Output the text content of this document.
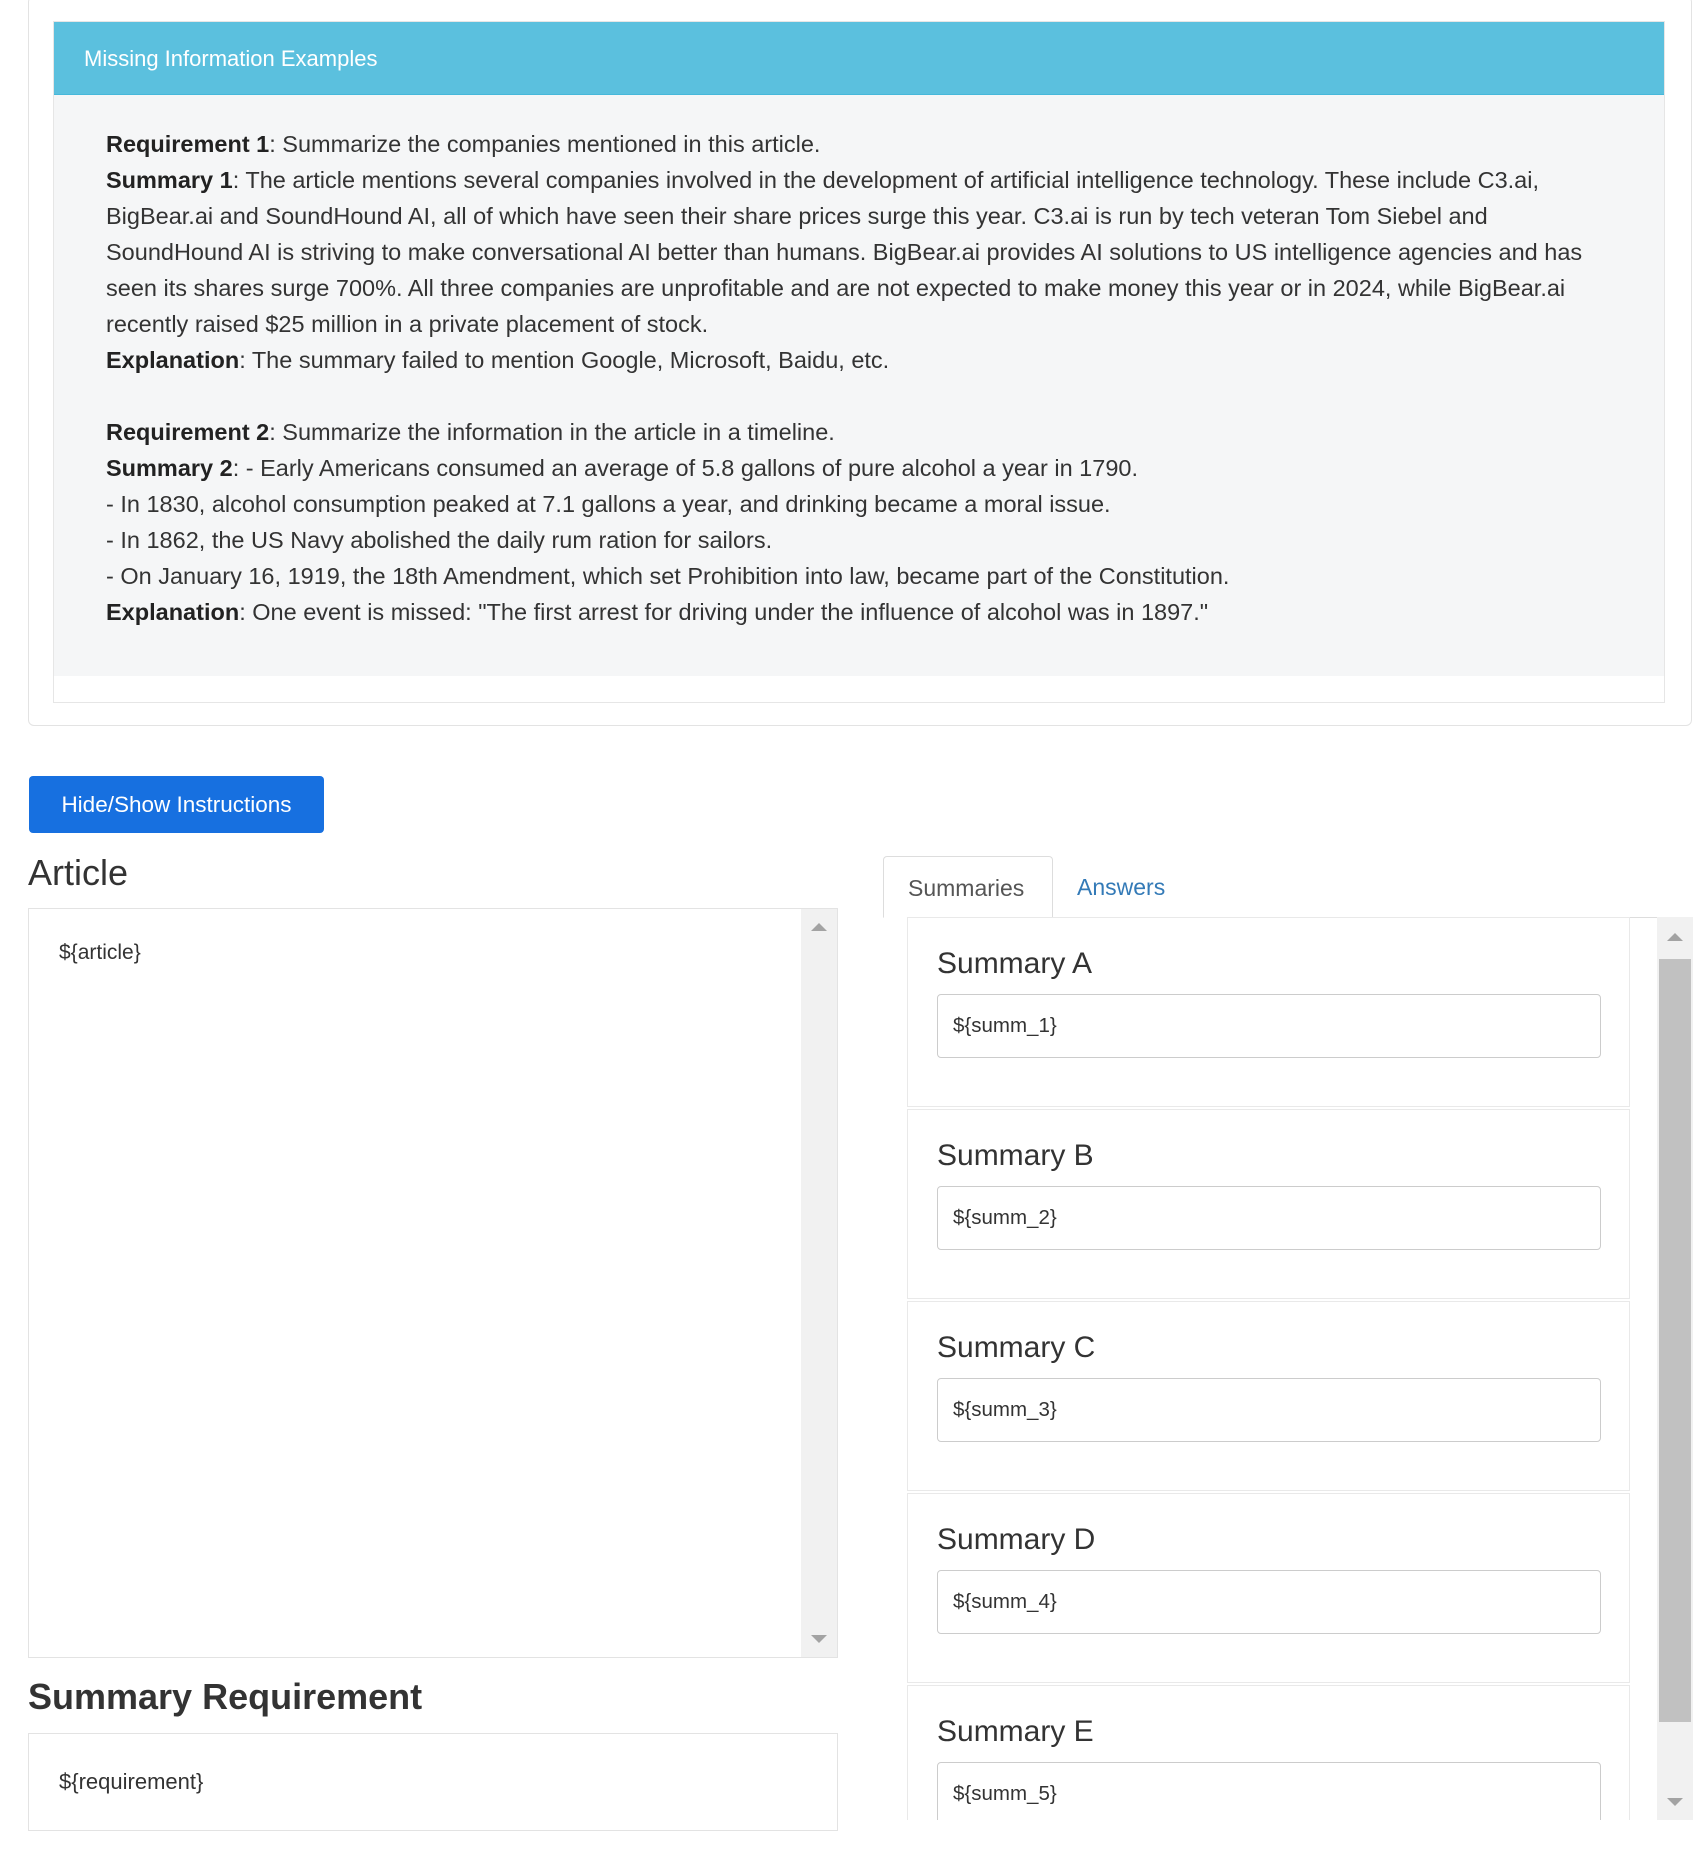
Missing Information Examples
Requirement 1: Summarize the companies mentioned in this article.
Summary 1: The article mentions several companies involved in the development of artificial intelligence technology. These include C3.ai,
BigBear.ai and SoundHound AI, all of which have seen their share prices surge this year. C3.ai is run by tech veteran Tom Siebel and
SoundHound AI is striving to make conversational AI better than humans. BigBear.ai provides AI solutions to US intelligence agencies and has
seen its shares surge 700%. All three companies are unprofitable and are not expected to make money this year or in 2024, while BigBear.ai
recently raised $25 million in a private placement of stock.
Explanation: The summary failed to mention Google, Microsoft, Baidu, etc.
Requirement 2: Summarize the information in the article in a timeline.
Summary 2: - Early Americans consumed an average of 5.8 gallons of pure alcohol a year in 1790.
- In 1830, alcohol consumption peaked at 7.1 gallons a year, and drinking became a moral issue.
- In 1862, the US Navy abolished the daily rum ration for sailors.
- On January 16, 1919, the 18th Amendment, which set Prohibition into law, became part of the Constitution.
Explanation: One event is missed: "The first arrest for driving under the influence of alcohol was in 1897."
Hide/Show Instructions
Article
${article}
Summary Requirement
${requirement}
Summaries	Answers
Summary A
${summ_1}
Summary B
${summ_2}
Summary C
${summ_3}
Summary D
${summ_4}
Summary E
${summ_5}
